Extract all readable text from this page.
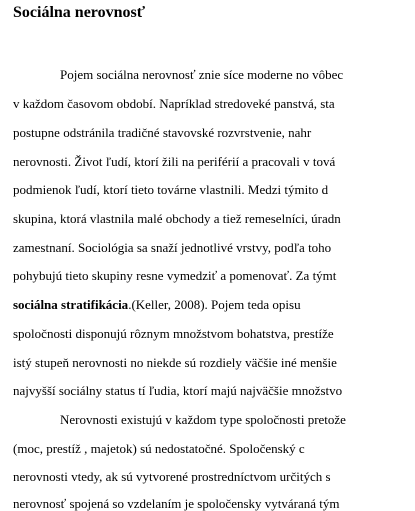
Sociálna nerovnosť

Pojem sociálna nerovnosť znie síce moderne no vôbec

v každom časovom období. Napríklad stredoveké panstvá, sta

postupne odstránila tradičné stavovské rozvrstvenie, nahr

nerovnosti. Život ľudí, ktorí žili na periférií a pracovali v tová

podmienok ľudí, ktorí tieto továrne vlastnili. Medzi týmito d

skupina, ktorá vlastnila malé obchody a tiež remeselníci, úradn

zamestnaní. Sociológia sa snaží jednotlivé vrstvy, podľa toho

pohybujú tieto skupiny resne vymedziť a pomenovať. Za týmt

sociálna stratifikácia.(Keller, 2008). Pojem teda opisu

spoločnosti disponujú rôznym množstvom bohatstva, prestíže

istý stupeň nerovnosti no niekde sú rozdiely väčšie iné menšie

najvyšší sociálny status tí ľudia, ktorí majú najväčšie množstvo

Nerovnosti existujú v každom type spoločnosti pretože

(moc, prestíž , majetok) sú nedostatočné. Spoločenský c

nerovnosti vtedy, ak sú vytvorené prostredníctvom určitých s

nerovnosť spojená so vzdelaním je spoločensky vytváraná tým
